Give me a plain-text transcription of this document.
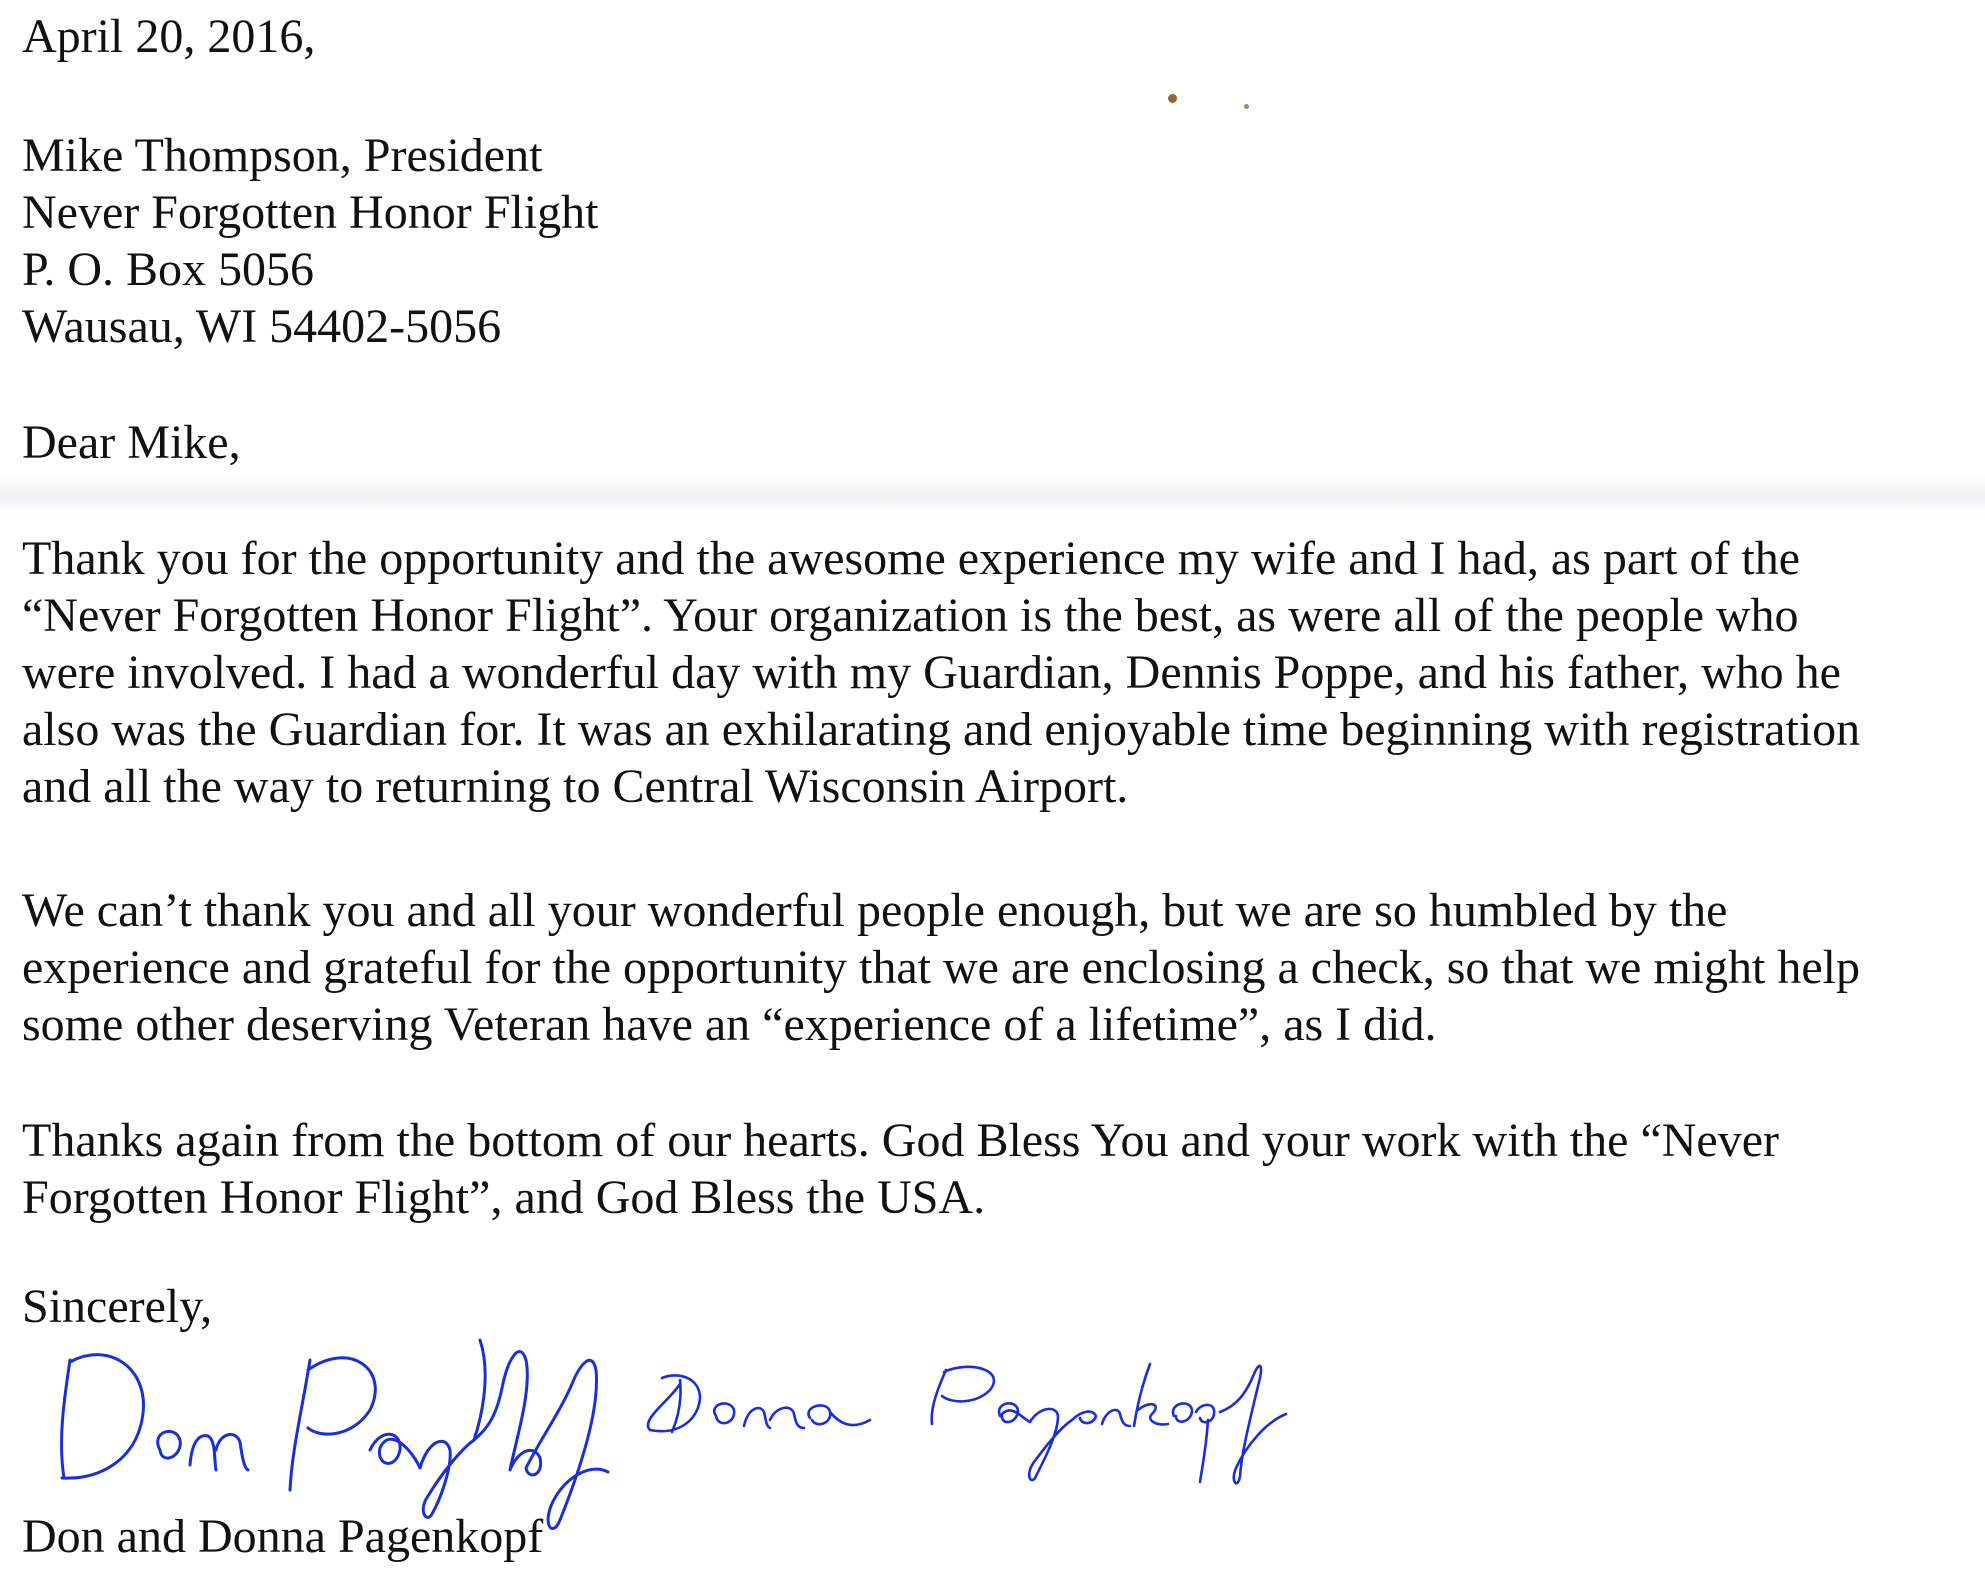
April 20, 2016,
Mike Thompson, President
Never Forgotten Honor Flight
P. O. Box 5056
Wausau, WI 54402-5056
Dear Mike,
Thank you for the opportunity and the awesome experience my wife and I had, as part of the
“Never Forgotten Honor Flight”. Your organization is the best, as were all of the people who
were involved. I had a wonderful day with my Guardian, Dennis Poppe, and his father, who he
also was the Guardian for. It was an exhilarating and enjoyable time beginning with registration
and all the way to returning to Central Wisconsin Airport.
We can’t thank you and all your wonderful people enough, but we are so humbled by the
experience and grateful for the opportunity that we are enclosing a check, so that we might help
some other deserving Veteran have an “experience of a lifetime”, as I did.
Thanks again from the bottom of our hearts. God Bless You and your work with the “Never
Forgotten Honor Flight”, and God Bless the USA.
Sincerely,
Don and Donna Pagenkopf
